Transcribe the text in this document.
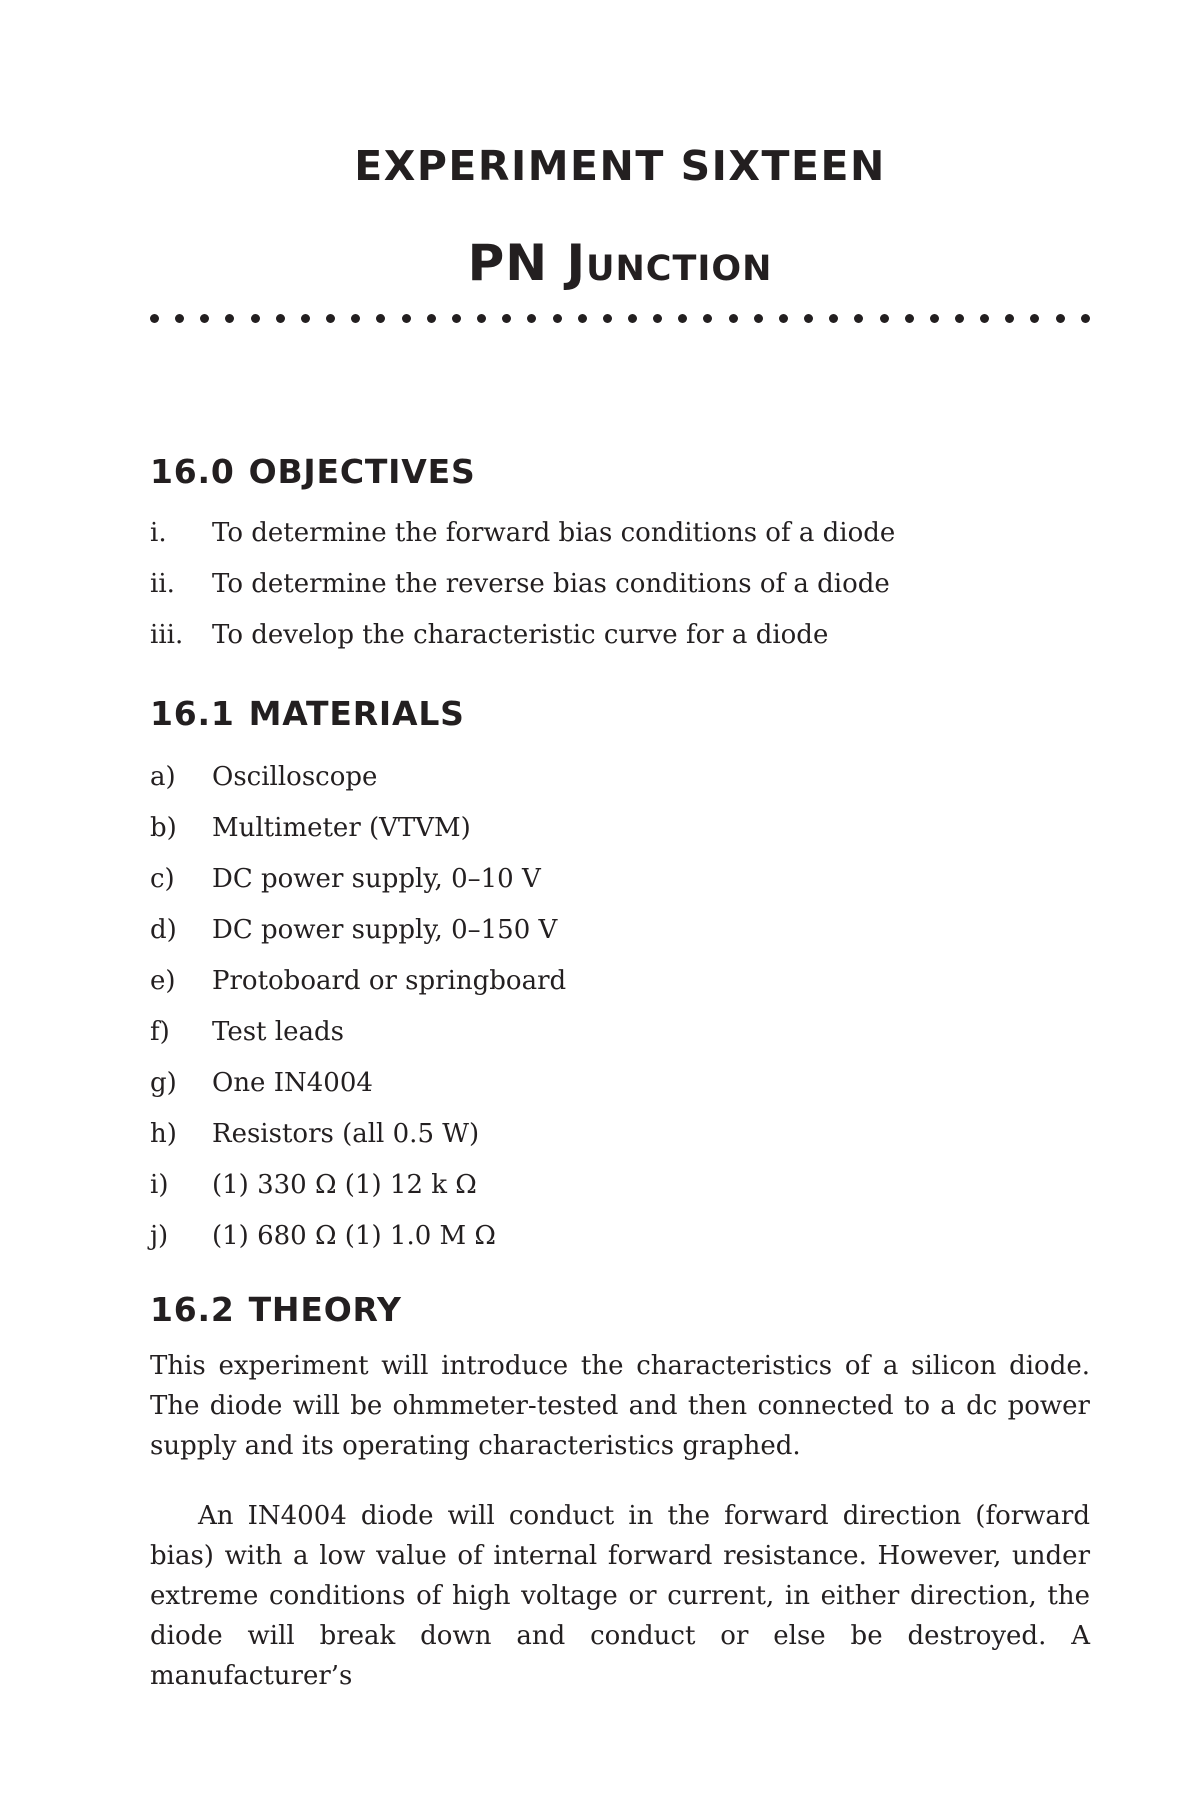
EXPERIMENT SIXTEEN
PN Junction
16.0 OBJECTIVES
i.	To determine the forward bias conditions of a diode
ii.	To determine the reverse bias conditions of a diode
iii.	To develop the characteristic curve for a diode
16.1 MATERIALS
a)	Oscilloscope
b)	Multimeter (VTVM)
c)	DC power supply, 0–10 V
d)	DC power supply, 0–150 V
e)	Protoboard or springboard
f)	Test leads
g)	One IN4004
h)	Resistors (all 0.5 W)
i)	(1) 330 Ω (1) 12 k Ω
j)	(1) 680 Ω (1) 1.0 M Ω
16.2 THEORY

This experiment will introduce the characteristics of a silicon diode. The diode will be ohmmeter-tested and then connected to a dc power supply and its operating characteristics graphed.

An IN4004 diode will conduct in the forward direction (forward bias) with a low value of internal forward resistance. However, under extreme conditions of high voltage or current, in either direction, the diode will break down and conduct or else be destroyed. A manufacturer’s
